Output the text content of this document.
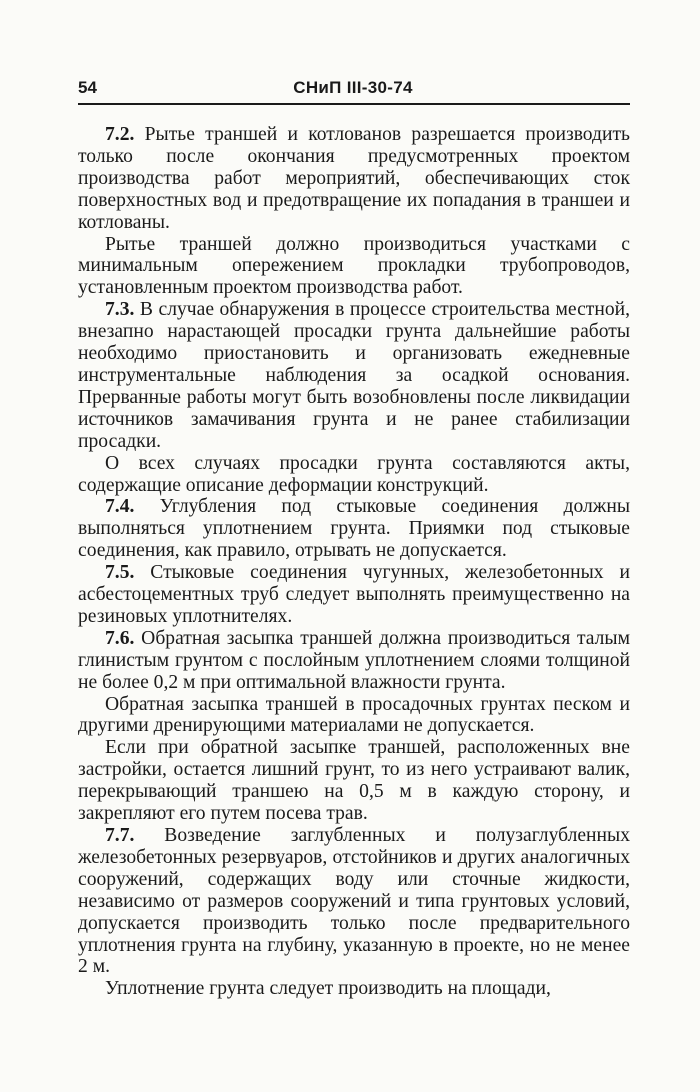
54	СНиП III-30-74

7.2. Рытье траншей и котлованов разрешается производить только после окончания предусмотренных проектом производства работ мероприятий, обеспечивающих сток поверхностных вод и предотвращение их попадания в траншеи и котлованы.

Рытье траншей должно производиться участками с минимальным опережением прокладки трубопроводов, установленным проектом производства работ.

7.3. В случае обнаружения в процессе строительства местной, внезапно нарастающей просадки грунта дальнейшие работы необходимо приостановить и организовать ежедневные инструментальные наблюдения за осадкой основания. Прерванные работы могут быть возобновлены после ликвидации источников замачивания грунта и не ранее стабилизации просадки.

О всех случаях просадки грунта составляются акты, содержащие описание деформации конструкций.

7.4. Углубления под стыковые соединения должны выполняться уплотнением грунта. Приямки под стыковые соединения, как правило, отрывать не допускается.

7.5. Стыковые соединения чугунных, железобетонных и асбестоцементных труб следует выполнять преимущественно на резиновых уплотнителях.

7.6. Обратная засыпка траншей должна производиться талым глинистым грунтом с послойным уплотнением слоями толщиной не более 0,2 м при оптимальной влажности грунта.

Обратная засыпка траншей в просадочных грунтах песком и другими дренирующими материалами не допускается.

Если при обратной засыпке траншей, расположенных вне застройки, остается лишний грунт, то из него устраивают валик, перекрывающий траншею на 0,5 м в каждую сторону, и закрепляют его путем посева трав.

7.7. Возведение заглубленных и полузаглубленных железобетонных резервуаров, отстойников и других аналогичных сооружений, содержащих воду или сточные жидкости, независимо от размеров сооружений и типа грунтовых условий, допускается производить только после предварительного уплотнения грунта на глубину, указанную в проекте, но не менее 2 м.

Уплотнение грунта следует производить на площади,
